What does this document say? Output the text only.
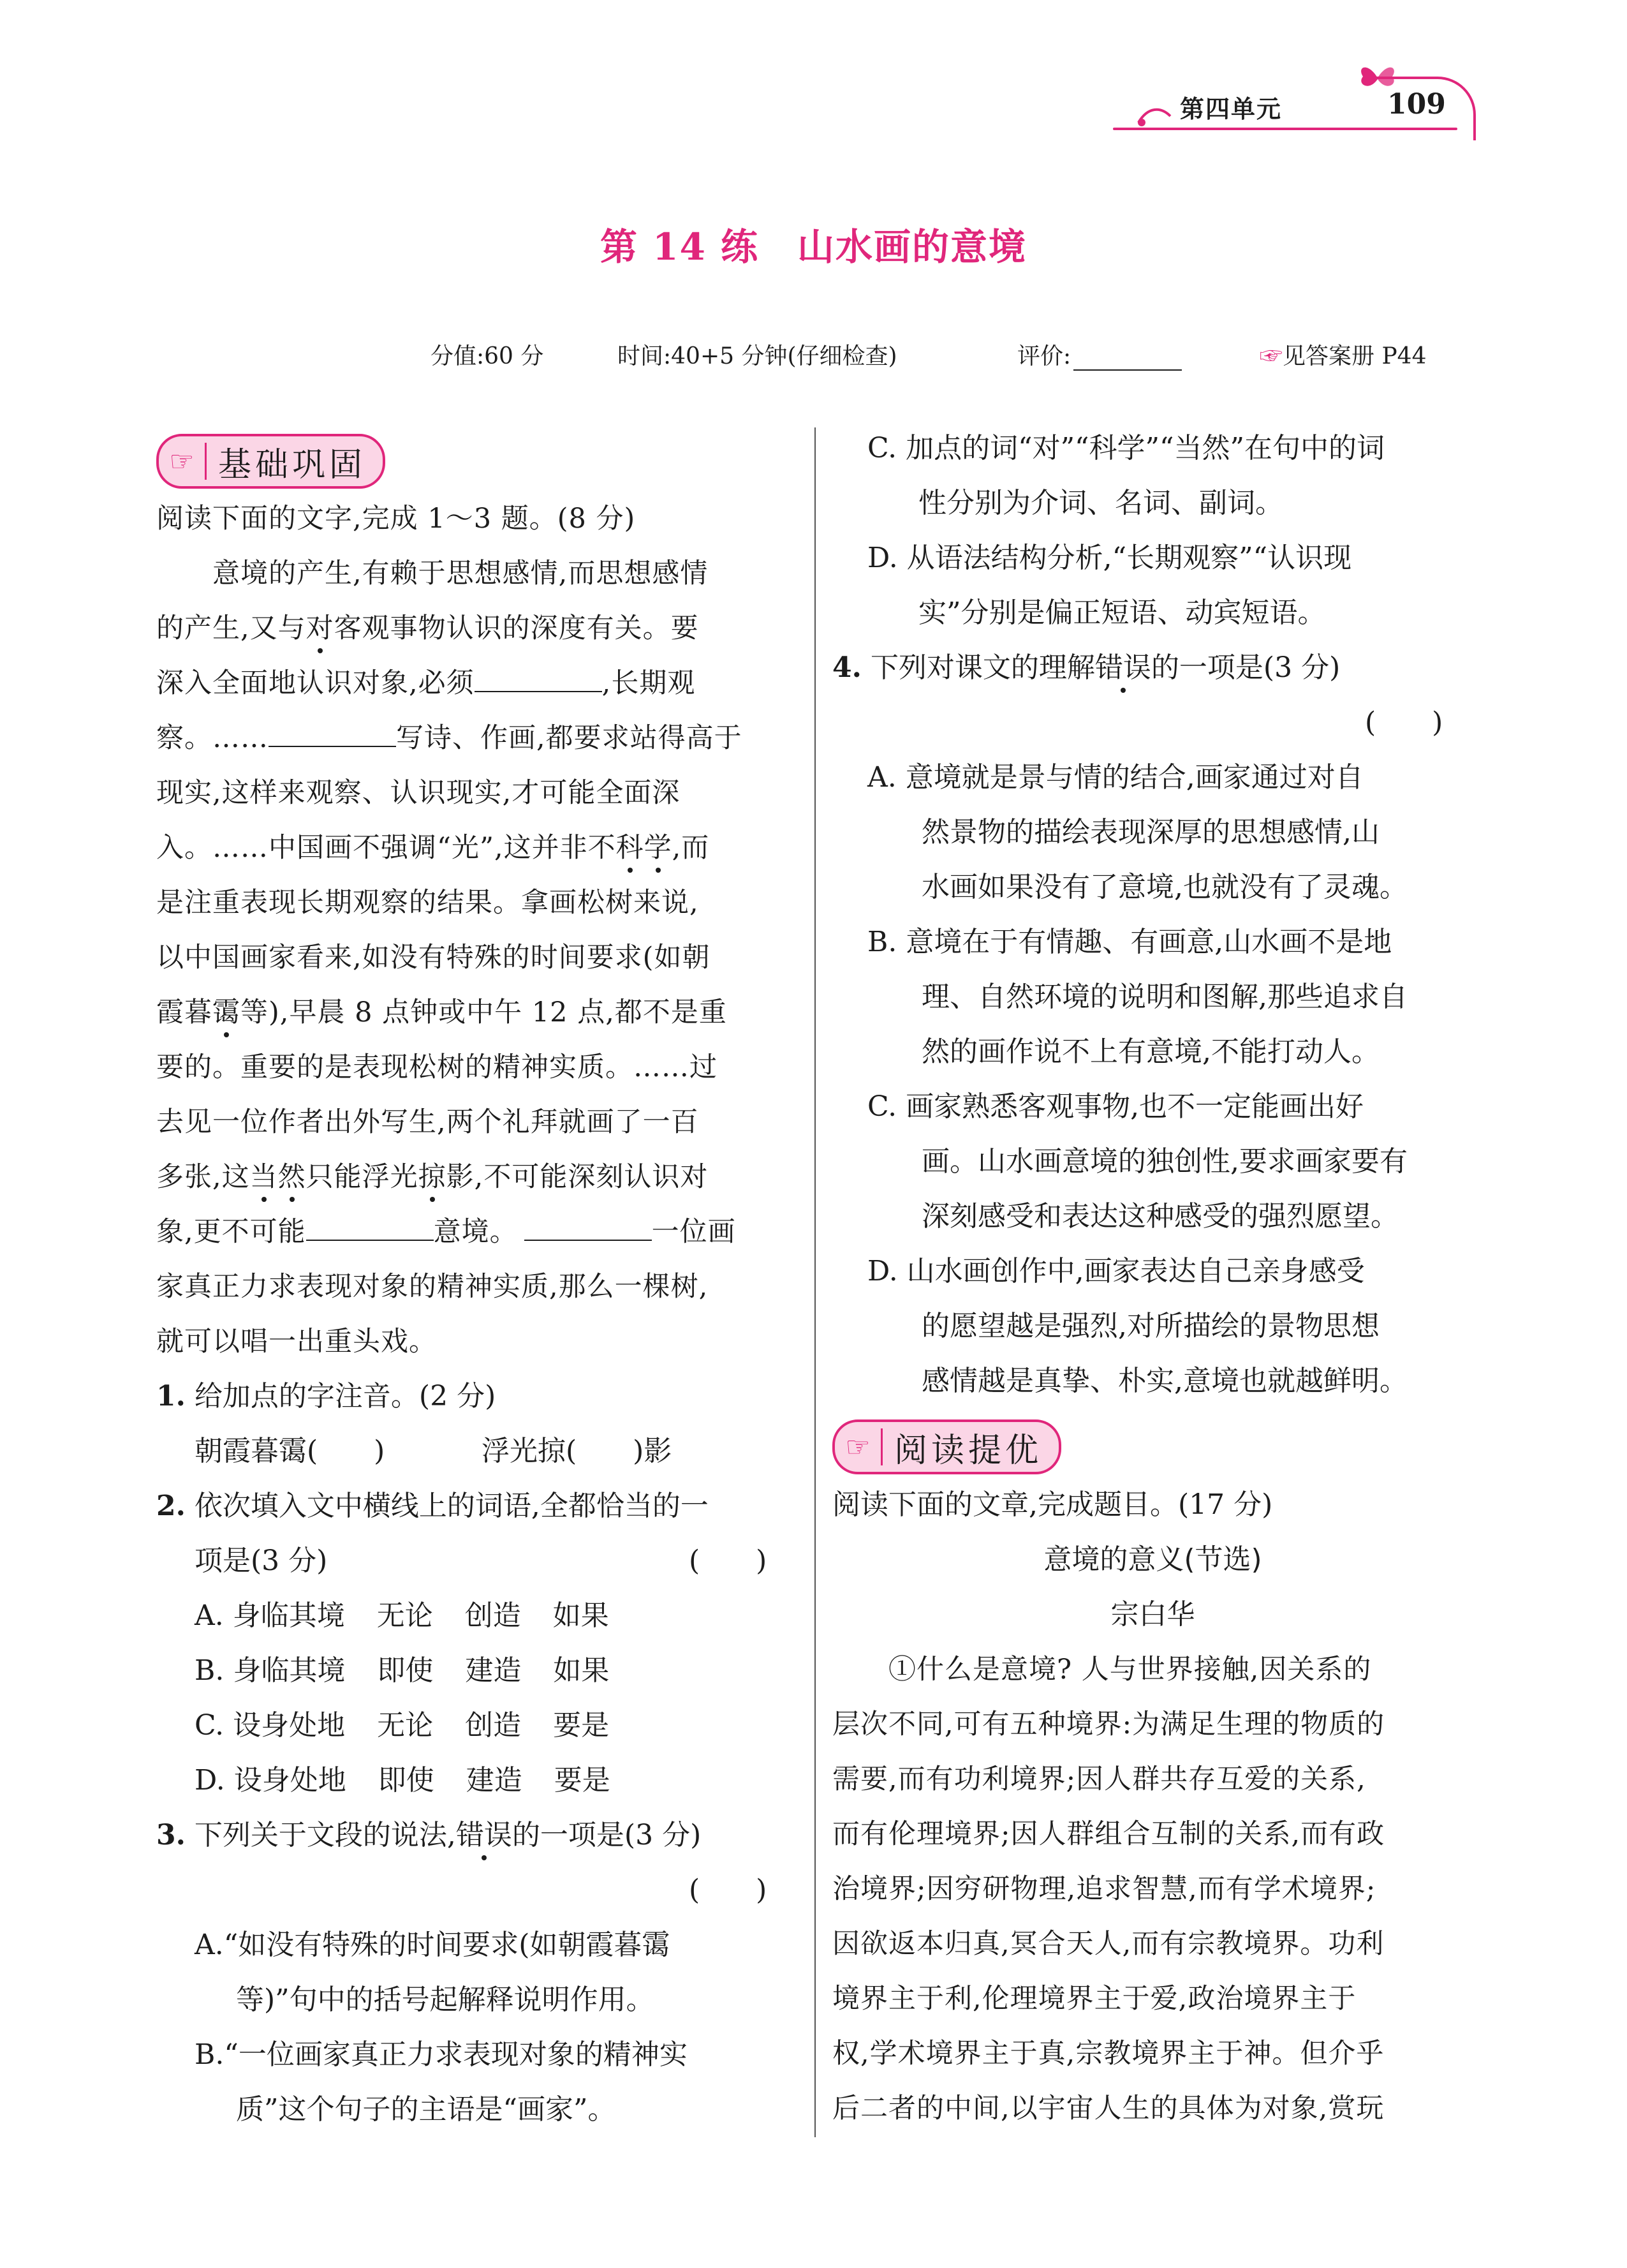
第四单元	109
第 14 练　山水画的意境
分值:60 分	时间:40+5 分钟(仔细检查)	评价:	☞见答案册 P44
☞ 基础巩固
阅读下面的文字,完成 1～3 题。(8 分)
　　意境的产生,有赖于思想感情,而思想感情
的产生,又与对客观事物认识的深度有关。要
深入全面地认识对象,必须	,长期观
察。……	写诗、作画,都要求站得高于
现实,这样来观察、认识现实,才可能全面深
入。……中国画不强调“光”,这并非不科学,而
是注重表现长期观察的结果。拿画松树来说,
以中国画家看来,如没有特殊的时间要求(如朝
霞暮霭等),早晨 8 点钟或中午 12 点,都不是重
要的。重要的是表现松树的精神实质。……过
去见一位作者出外写生,两个礼拜就画了一百
多张,这当然只能浮光掠影,不可能深刻认识对
象,更不可能	意境。	一位画
家真正力求表现对象的精神实质,那么一棵树,
就可以唱一出重头戏。
1. 给加点的字注音。(2 分)
朝霞暮霭(　　)	浮光掠(　　)影
2. 依次填入文中横线上的词语,全都恰当的一
项是(3 分)	(　　)
A. 身临其境 无论 创造 如果
B. 身临其境 即使 建造 如果
C. 设身处地 无论 创造 要是
D. 设身处地 即使 建造 要是
3. 下列关于文段的说法,错误的一项是(3 分)
(　　)
A.“如没有特殊的时间要求(如朝霞暮霭
等)”句中的括号起解释说明作用。
B.“一位画家真正力求表现对象的精神实
质”这个句子的主语是“画家”。
C. 加点的词“对”“科学”“当然”在句中的词
性分别为介词、名词、副词。
D. 从语法结构分析,“长期观察”“认识现
实”分别是偏正短语、动宾短语。
4. 下列对课文的理解错误的一项是(3 分)
(　　)
A. 意境就是景与情的结合,画家通过对自
然景物的描绘表现深厚的思想感情,山
水画如果没有了意境,也就没有了灵魂。
B. 意境在于有情趣、有画意,山水画不是地
理、自然环境的说明和图解,那些追求自
然的画作说不上有意境,不能打动人。
C. 画家熟悉客观事物,也不一定能画出好
画。山水画意境的独创性,要求画家要有
深刻感受和表达这种感受的强烈愿望。
D. 山水画创作中,画家表达自己亲身感受
的愿望越是强烈,对所描绘的景物思想
感情越是真挚、朴实,意境也就越鲜明。
☞ 阅读提优
阅读下面的文章,完成题目。(17 分)
意境的意义(节选)
宗白华
　　①什么是意境? 人与世界接触,因关系的
层次不同,可有五种境界:为满足生理的物质的
需要,而有功利境界;因人群共存互爱的关系,
而有伦理境界;因人群组合互制的关系,而有政
治境界;因穷研物理,追求智慧,而有学术境界;
因欲返本归真,冥合天人,而有宗教境界。功利
境界主于利,伦理境界主于爱,政治境界主于
权,学术境界主于真,宗教境界主于神。但介乎
后二者的中间,以宇宙人生的具体为对象,赏玩
